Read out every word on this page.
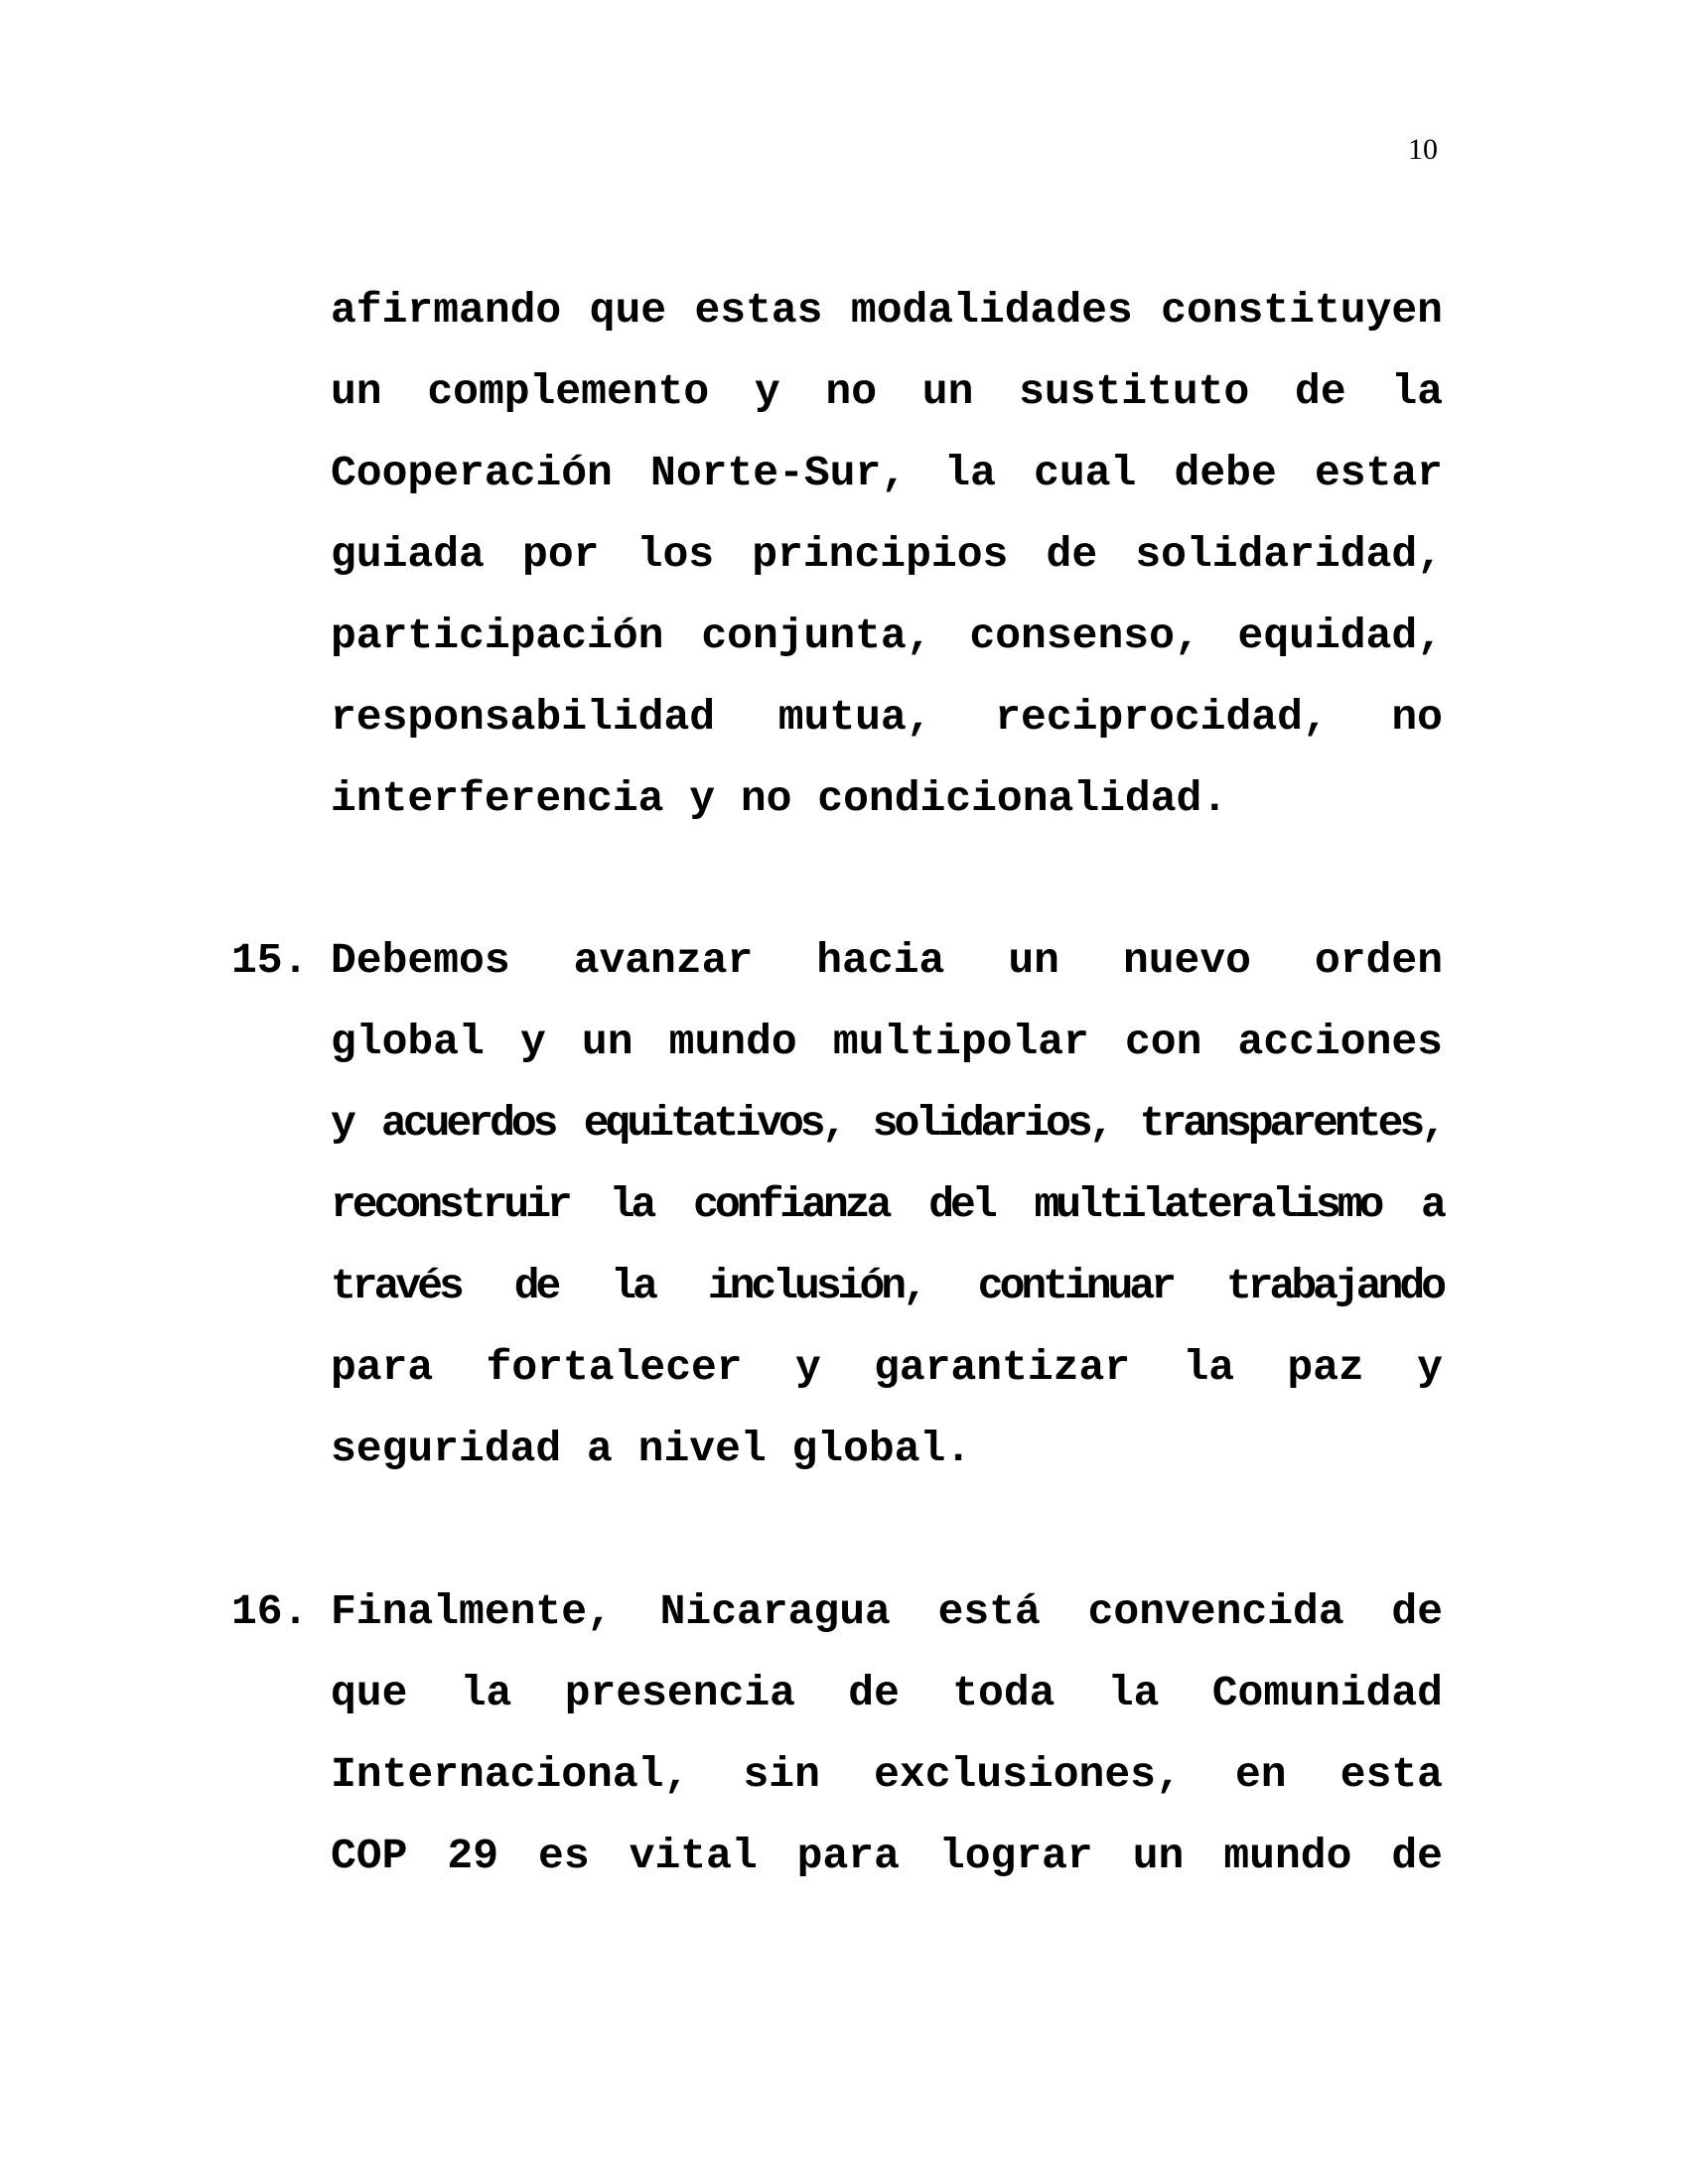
10
afirmando que estas modalidades constituyen
un complemento y no un sustituto de la
Cooperación Norte-Sur, la cual debe estar
guiada por los principios de solidaridad,
participación conjunta, consenso, equidad,
responsabilidad mutua, reciprocidad, no
interferencia y no condicionalidad.
15. Debemos avanzar hacia un nuevo orden
global y un mundo multipolar con acciones
y acuerdos equitativos, solidarios, transparentes,
reconstruir la confianza del multilateralismo a
través de la inclusión, continuar trabajando
para fortalecer y garantizar la paz y
seguridad a nivel global.
16. Finalmente, Nicaragua está convencida de
que la presencia de toda la Comunidad
Internacional, sin exclusiones, en esta
COP 29 es vital para lograr un mundo de
